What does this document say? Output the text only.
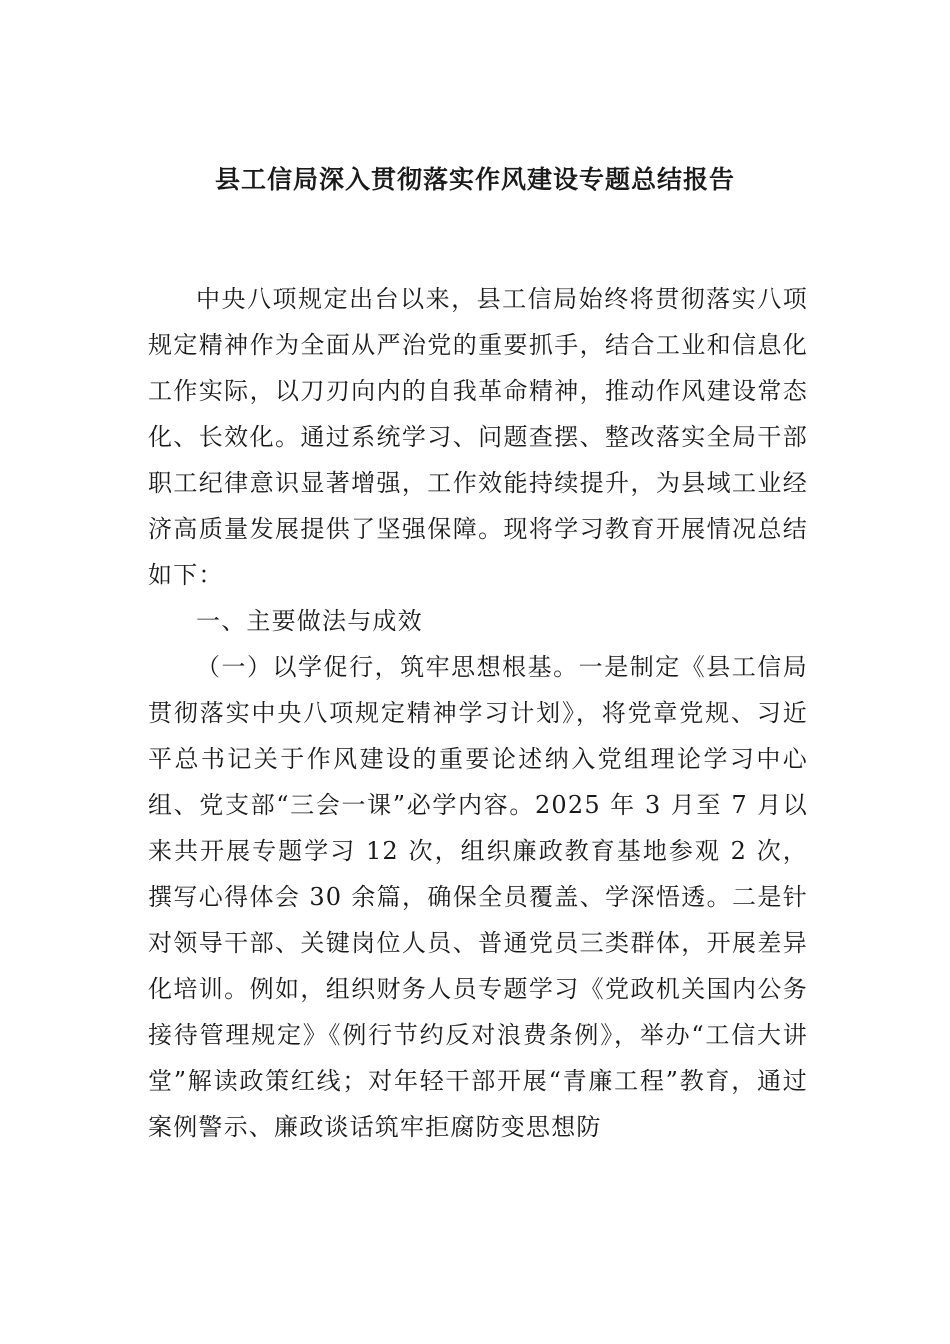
县工信局深入贯彻落实作风建设专题总结报告

中央八项规定出台以来，县工信局始终将贯彻落实八项规定精神作为全面从严治党的重要抓手，结合工业和信息化工作实际，以刀刃向内的自我革命精神，推动作风建设常态化、长效化。通过系统学习、问题查摆、整改落实全局干部职工纪律意识显著增强，工作效能持续提升，为县域工业经济高质量发展提供了坚强保障。现将学习教育开展情况总结如下：

一、主要做法与成效

（一）以学促行，筑牢思想根基。一是制定《县工信局贯彻落实中央八项规定精神学习计划》，将党章党规、习近平总书记关于作风建设的重要论述纳入党组理论学习中心组、党支部“三会一课”必学内容。2025 年 3 月至 7 月以来共开展专题学习 12 次，组织廉政教育基地参观 2 次，撰写心得体会 30 余篇，确保全员覆盖、学深悟透。二是针对领导干部、关键岗位人员、普通党员三类群体，开展差异化培训。例如，组织财务人员专题学习《党政机关国内公务接待管理规定》《例行节约反对浪费条例》，举办“工信大讲堂”解读政策红线；对年轻干部开展“青廉工程”教育，通过案例警示、廉政谈话筑牢拒腐防变思想防
